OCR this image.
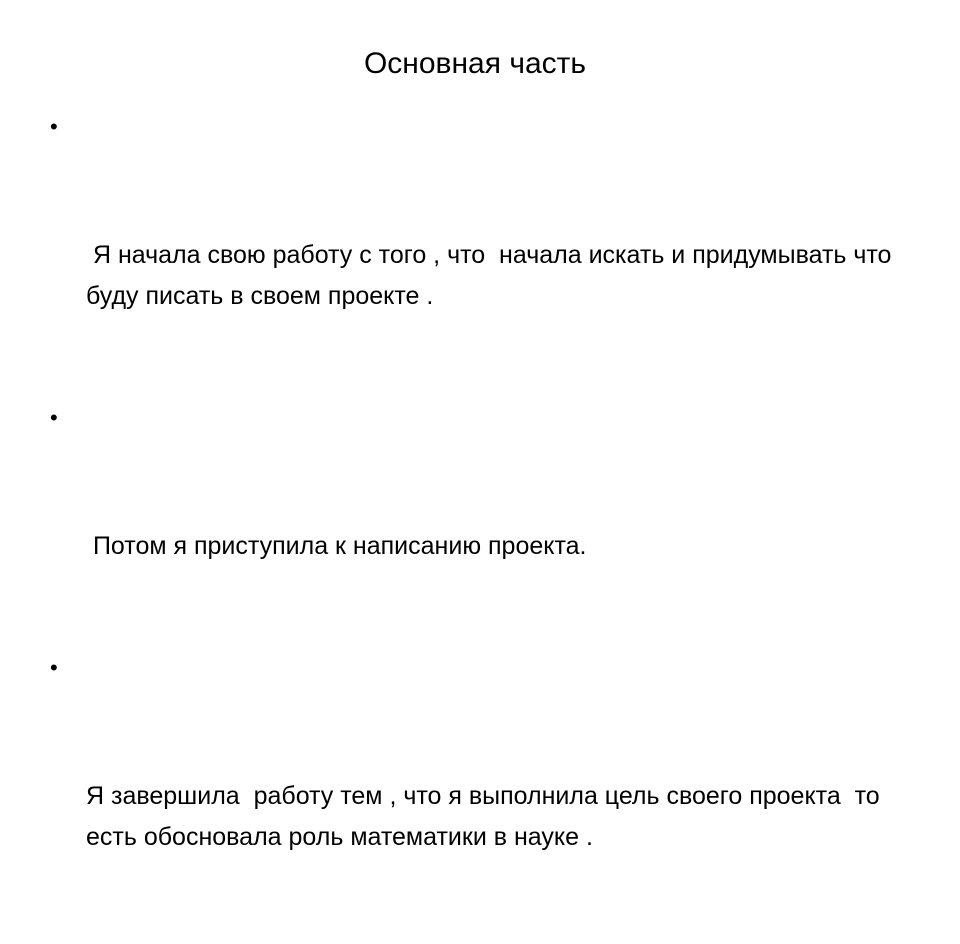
Основная часть

•

Я начала свою работу с того , что  начала искать и придумывать что буду писать в своем проекте .

•

Потом я приступила к написанию проекта.

•

Я завершила  работу тем , что я выполнила цель своего проекта  то есть обосновала роль математики в науке .
